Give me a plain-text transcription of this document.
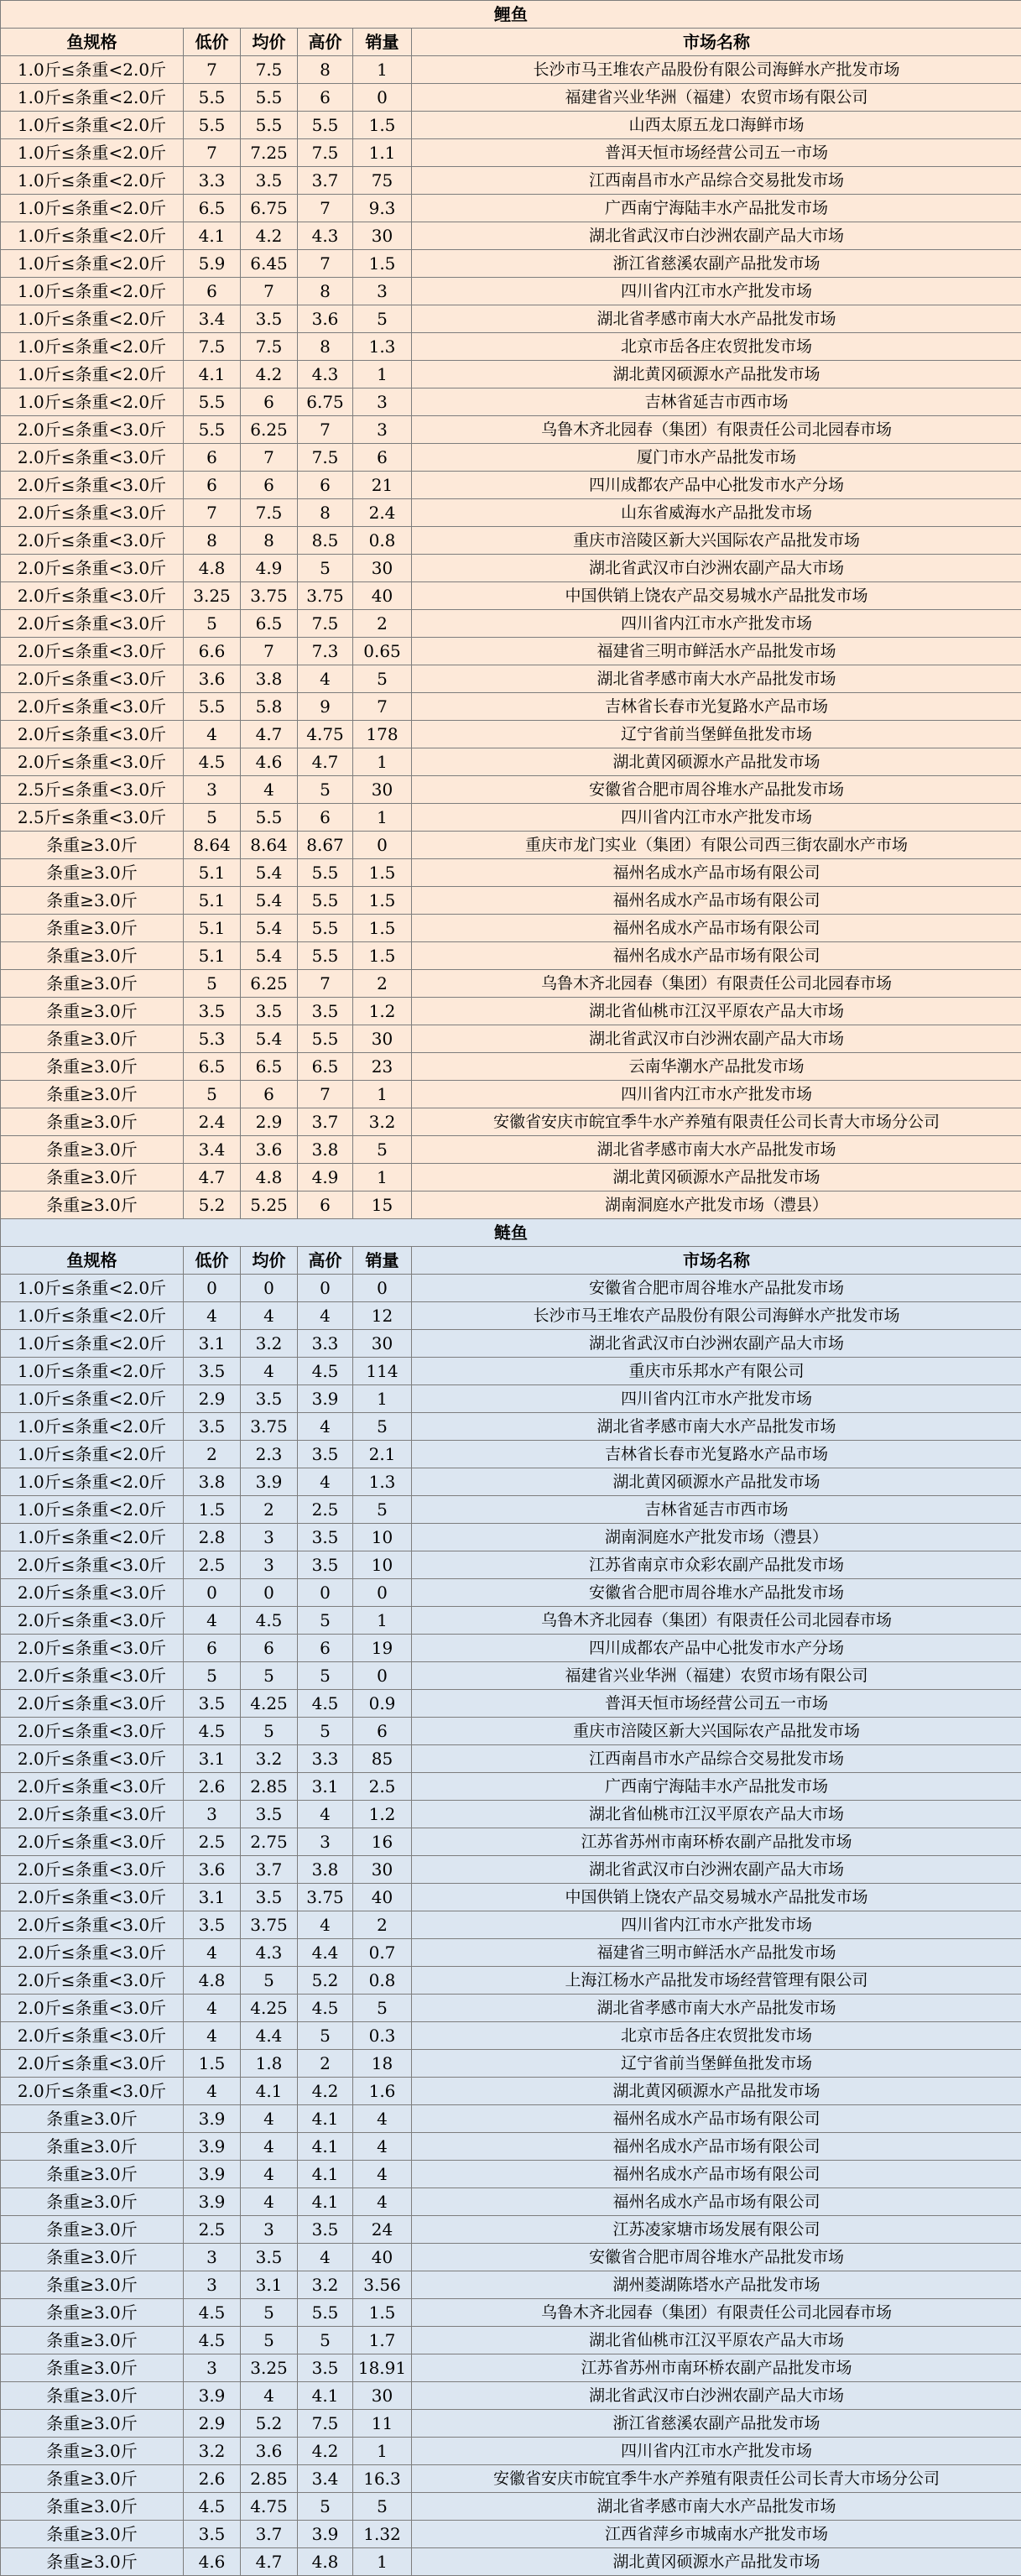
鲤鱼					
鱼规格	低价	均价	高价	销量	市场名称
1.0斤≤条重<2.0斤	7	7.5	8	1	长沙市马王堆农产品股份有限公司海鲜水产批发市场
1.0斤≤条重<2.0斤	5.5	5.5	6	0	福建省兴业华洲（福建）农贸市场有限公司
1.0斤≤条重<2.0斤	5.5	5.5	5.5	1.5	山西太原五龙口海鲜市场
1.0斤≤条重<2.0斤	7	7.25	7.5	1.1	普洱天恒市场经营公司五一市场
1.0斤≤条重<2.0斤	3.3	3.5	3.7	75	江西南昌市水产品综合交易批发市场
1.0斤≤条重<2.0斤	6.5	6.75	7	9.3	广西南宁海陆丰水产品批发市场
1.0斤≤条重<2.0斤	4.1	4.2	4.3	30	湖北省武汉市白沙洲农副产品大市场
1.0斤≤条重<2.0斤	5.9	6.45	7	1.5	浙江省慈溪农副产品批发市场
1.0斤≤条重<2.0斤	6	7	8	3	四川省内江市水产批发市场
1.0斤≤条重<2.0斤	3.4	3.5	3.6	5	湖北省孝感市南大水产品批发市场
1.0斤≤条重<2.0斤	7.5	7.5	8	1.3	北京市岳各庄农贸批发市场
1.0斤≤条重<2.0斤	4.1	4.2	4.3	1	湖北黄冈硕源水产品批发市场
1.0斤≤条重<2.0斤	5.5	6	6.75	3	吉林省延吉市西市场
2.0斤≤条重<3.0斤	5.5	6.25	7	3	乌鲁木齐北园春（集团）有限责任公司北园春市场
2.0斤≤条重<3.0斤	6	7	7.5	6	厦门市水产品批发市场
2.0斤≤条重<3.0斤	6	6	6	21	四川成都农产品中心批发市水产分场
2.0斤≤条重<3.0斤	7	7.5	8	2.4	山东省威海水产品批发市场
2.0斤≤条重<3.0斤	8	8	8.5	0.8	重庆市涪陵区新大兴国际农产品批发市场
2.0斤≤条重<3.0斤	4.8	4.9	5	30	湖北省武汉市白沙洲农副产品大市场
2.0斤≤条重<3.0斤	3.25	3.75	3.75	40	中国供销上饶农产品交易城水产品批发市场
2.0斤≤条重<3.0斤	5	6.5	7.5	2	四川省内江市水产批发市场
2.0斤≤条重<3.0斤	6.6	7	7.3	0.65	福建省三明市鲜活水产品批发市场
2.0斤≤条重<3.0斤	3.6	3.8	4	5	湖北省孝感市南大水产品批发市场
2.0斤≤条重<3.0斤	5.5	5.8	9	7	吉林省长春市光复路水产品市场
2.0斤≤条重<3.0斤	4	4.7	4.75	178	辽宁省前当堡鲜鱼批发市场
2.0斤≤条重<3.0斤	4.5	4.6	4.7	1	湖北黄冈硕源水产品批发市场
2.5斤≤条重<3.0斤	3	4	5	30	安徽省合肥市周谷堆水产品批发市场
2.5斤≤条重<3.0斤	5	5.5	6	1	四川省内江市水产批发市场
条重≥3.0斤	8.64	8.64	8.67	0	重庆市龙门实业（集团）有限公司西三街农副水产市场
条重≥3.0斤	5.1	5.4	5.5	1.5	福州名成水产品市场有限公司
条重≥3.0斤	5.1	5.4	5.5	1.5	福州名成水产品市场有限公司
条重≥3.0斤	5.1	5.4	5.5	1.5	福州名成水产品市场有限公司
条重≥3.0斤	5.1	5.4	5.5	1.5	福州名成水产品市场有限公司
条重≥3.0斤	5	6.25	7	2	乌鲁木齐北园春（集团）有限责任公司北园春市场
条重≥3.0斤	3.5	3.5	3.5	1.2	湖北省仙桃市江汉平原农产品大市场
条重≥3.0斤	5.3	5.4	5.5	30	湖北省武汉市白沙洲农副产品大市场
条重≥3.0斤	6.5	6.5	6.5	23	云南华潮水产品批发市场
条重≥3.0斤	5	6	7	1	四川省内江市水产批发市场
条重≥3.0斤	2.4	2.9	3.7	3.2	安徽省安庆市皖宜季牛水产养殖有限责任公司长青大市场分公司
条重≥3.0斤	3.4	3.6	3.8	5	湖北省孝感市南大水产品批发市场
条重≥3.0斤	4.7	4.8	4.9	1	湖北黄冈硕源水产品批发市场
条重≥3.0斤	5.2	5.25	6	15	湖南洞庭水产批发市场（澧县）
鲢鱼					
鱼规格	低价	均价	高价	销量	市场名称
1.0斤≤条重<2.0斤	0	0	0	0	安徽省合肥市周谷堆水产品批发市场
1.0斤≤条重<2.0斤	4	4	4	12	长沙市马王堆农产品股份有限公司海鲜水产批发市场
1.0斤≤条重<2.0斤	3.1	3.2	3.3	30	湖北省武汉市白沙洲农副产品大市场
1.0斤≤条重<2.0斤	3.5	4	4.5	114	重庆市乐邦水产有限公司
1.0斤≤条重<2.0斤	2.9	3.5	3.9	1	四川省内江市水产批发市场
1.0斤≤条重<2.0斤	3.5	3.75	4	5	湖北省孝感市南大水产品批发市场
1.0斤≤条重<2.0斤	2	2.3	3.5	2.1	吉林省长春市光复路水产品市场
1.0斤≤条重<2.0斤	3.8	3.9	4	1.3	湖北黄冈硕源水产品批发市场
1.0斤≤条重<2.0斤	1.5	2	2.5	5	吉林省延吉市西市场
1.0斤≤条重<2.0斤	2.8	3	3.5	10	湖南洞庭水产批发市场（澧县）
2.0斤≤条重<3.0斤	2.5	3	3.5	10	江苏省南京市众彩农副产品批发市场
2.0斤≤条重<3.0斤	0	0	0	0	安徽省合肥市周谷堆水产品批发市场
2.0斤≤条重<3.0斤	4	4.5	5	1	乌鲁木齐北园春（集团）有限责任公司北园春市场
2.0斤≤条重<3.0斤	6	6	6	19	四川成都农产品中心批发市水产分场
2.0斤≤条重<3.0斤	5	5	5	0	福建省兴业华洲（福建）农贸市场有限公司
2.0斤≤条重<3.0斤	3.5	4.25	4.5	0.9	普洱天恒市场经营公司五一市场
2.0斤≤条重<3.0斤	4.5	5	5	6	重庆市涪陵区新大兴国际农产品批发市场
2.0斤≤条重<3.0斤	3.1	3.2	3.3	85	江西南昌市水产品综合交易批发市场
2.0斤≤条重<3.0斤	2.6	2.85	3.1	2.5	广西南宁海陆丰水产品批发市场
2.0斤≤条重<3.0斤	3	3.5	4	1.2	湖北省仙桃市江汉平原农产品大市场
2.0斤≤条重<3.0斤	2.5	2.75	3	16	江苏省苏州市南环桥农副产品批发市场
2.0斤≤条重<3.0斤	3.6	3.7	3.8	30	湖北省武汉市白沙洲农副产品大市场
2.0斤≤条重<3.0斤	3.1	3.5	3.75	40	中国供销上饶农产品交易城水产品批发市场
2.0斤≤条重<3.0斤	3.5	3.75	4	2	四川省内江市水产批发市场
2.0斤≤条重<3.0斤	4	4.3	4.4	0.7	福建省三明市鲜活水产品批发市场
2.0斤≤条重<3.0斤	4.8	5	5.2	0.8	上海江杨水产品批发市场经营管理有限公司
2.0斤≤条重<3.0斤	4	4.25	4.5	5	湖北省孝感市南大水产品批发市场
2.0斤≤条重<3.0斤	4	4.4	5	0.3	北京市岳各庄农贸批发市场
2.0斤≤条重<3.0斤	1.5	1.8	2	18	辽宁省前当堡鲜鱼批发市场
2.0斤≤条重<3.0斤	4	4.1	4.2	1.6	湖北黄冈硕源水产品批发市场
条重≥3.0斤	3.9	4	4.1	4	福州名成水产品市场有限公司
条重≥3.0斤	3.9	4	4.1	4	福州名成水产品市场有限公司
条重≥3.0斤	3.9	4	4.1	4	福州名成水产品市场有限公司
条重≥3.0斤	3.9	4	4.1	4	福州名成水产品市场有限公司
条重≥3.0斤	2.5	3	3.5	24	江苏凌家塘市场发展有限公司
条重≥3.0斤	3	3.5	4	40	安徽省合肥市周谷堆水产品批发市场
条重≥3.0斤	3	3.1	3.2	3.56	湖州菱湖陈塔水产品批发市场
条重≥3.0斤	4.5	5	5.5	1.5	乌鲁木齐北园春（集团）有限责任公司北园春市场
条重≥3.0斤	4.5	5	5	1.7	湖北省仙桃市江汉平原农产品大市场
条重≥3.0斤	3	3.25	3.5	18.91	江苏省苏州市南环桥农副产品批发市场
条重≥3.0斤	3.9	4	4.1	30	湖北省武汉市白沙洲农副产品大市场
条重≥3.0斤	2.9	5.2	7.5	11	浙江省慈溪农副产品批发市场
条重≥3.0斤	3.2	3.6	4.2	1	四川省内江市水产批发市场
条重≥3.0斤	2.6	2.85	3.4	16.3	安徽省安庆市皖宜季牛水产养殖有限责任公司长青大市场分公司
条重≥3.0斤	4.5	4.75	5	5	湖北省孝感市南大水产品批发市场
条重≥3.0斤	3.5	3.7	3.9	1.32	江西省萍乡市城南水产批发市场
条重≥3.0斤	4.6	4.7	4.8	1	湖北黄冈硕源水产品批发市场
